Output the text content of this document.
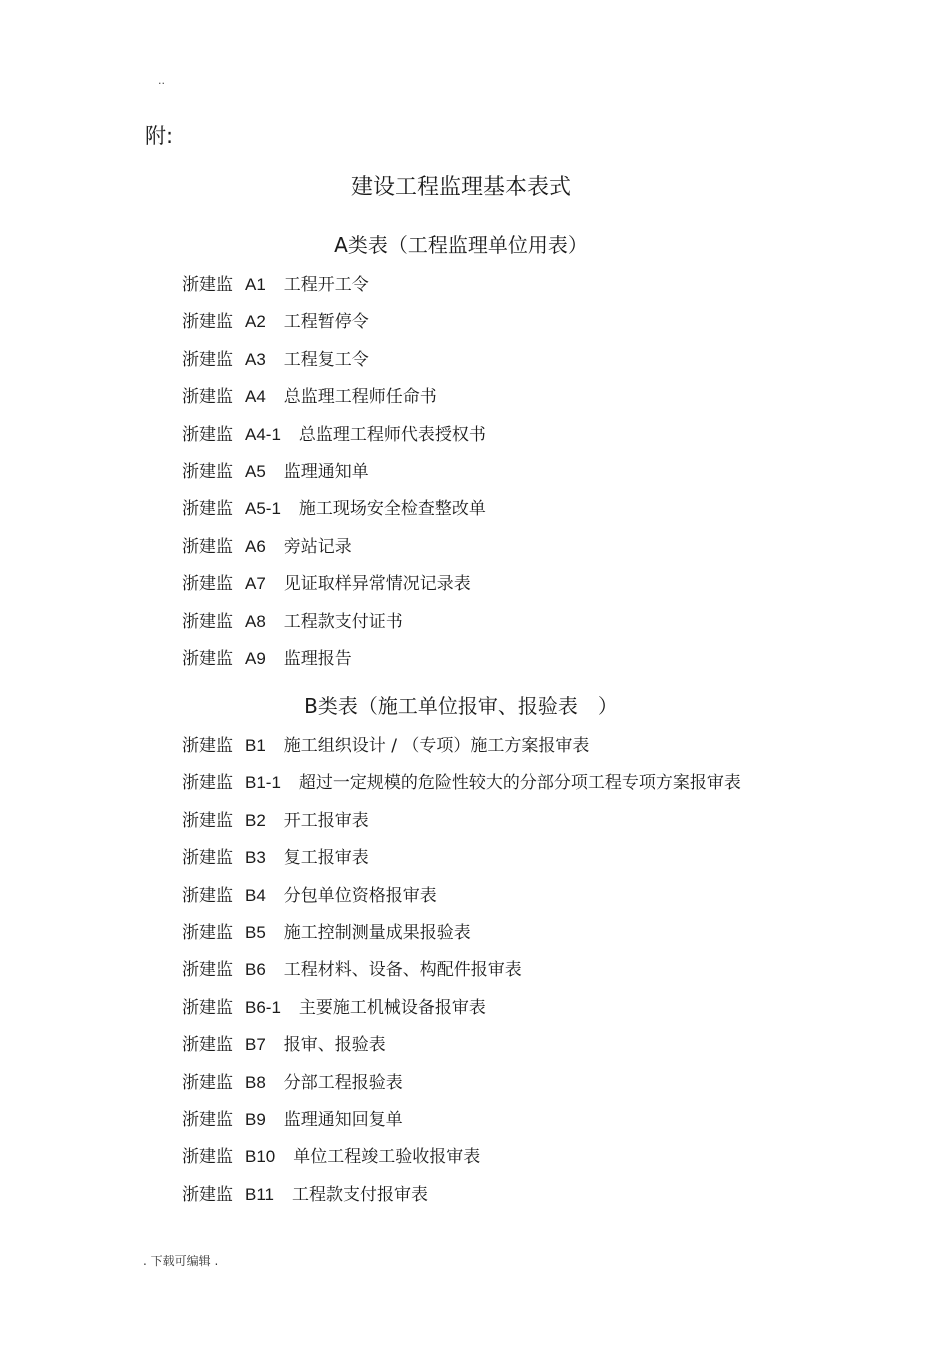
..
附:
建设工程监理基本表式
A类表（工程监理单位用表）
浙建监 A1 工程开工令
浙建监 A2 工程暂停令
浙建监 A3 工程复工令
浙建监 A4 总监理工程师任命书
浙建监 A4-1 总监理工程师代表授权书
浙建监 A5 监理通知单
浙建监 A5-1 施工现场安全检查整改单
浙建监 A6 旁站记录
浙建监 A7 见证取样异常情况记录表
浙建监 A8 工程款支付证书
浙建监 A9 监理报告
B类表（施工单位报审、报验表　）
浙建监 B1 施工组织设计 / （专项）施工方案报审表
浙建监 B1-1 超过一定规模的危险性较大的分部分项工程专项方案报审表
浙建监 B2 开工报审表
浙建监 B3 复工报审表
浙建监 B4 分包单位资格报审表
浙建监 B5 施工控制测量成果报验表
浙建监 B6 工程材料、设备、构配件报审表
浙建监 B6-1 主要施工机械设备报审表
浙建监 B7 报审、报验表
浙建监 B8 分部工程报验表
浙建监 B9 监理通知回复单
浙建监 B10 单位工程竣工验收报审表
浙建监 B11 工程款支付报审表
. 下载可编辑 .
